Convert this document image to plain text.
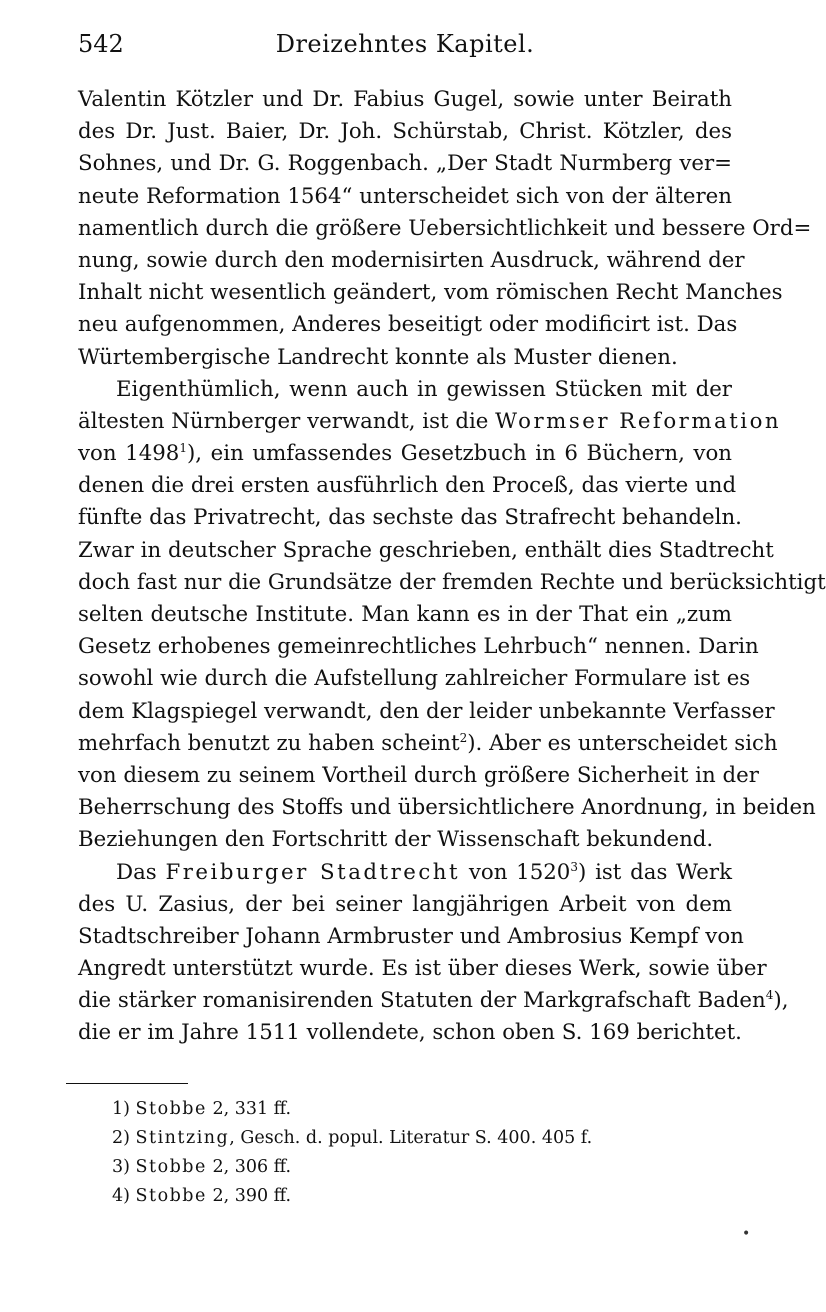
542	Dreizehntes Kapitel.
Valentin Kötzler und Dr. Fabius Gugel, sowie unter Beirath
des Dr. Just. Baier, Dr. Joh. Schürstab, Christ. Kötzler, des
Sohnes, und Dr. G. Roggenbach. „Der Stadt Nurmberg ver=
neute Reformation 1564“ unterscheidet sich von der älteren
namentlich durch die größere Uebersichtlichkeit und bessere Ord=
nung, sowie durch den modernisirten Ausdruck, während der
Inhalt nicht wesentlich geändert, vom römischen Recht Manches
neu aufgenommen, Anderes beseitigt oder modificirt ist. Das
Würtembergische Landrecht konnte als Muster dienen.
Eigenthümlich, wenn auch in gewissen Stücken mit der
ältesten Nürnberger verwandt, ist die Wormser Reformation
von 1498$^1$), ein umfassendes Gesetzbuch in 6 Büchern, von
denen die drei ersten ausführlich den Proceß, das vierte und
fünfte das Privatrecht, das sechste das Strafrecht behandeln.
Zwar in deutscher Sprache geschrieben, enthält dies Stadtrecht
doch fast nur die Grundsätze der fremden Rechte und berücksichtigt
selten deutsche Institute. Man kann es in der That ein „zum
Gesetz erhobenes gemeinrechtliches Lehrbuch“ nennen. Darin
sowohl wie durch die Aufstellung zahlreicher Formulare ist es
dem Klagspiegel verwandt, den der leider unbekannte Verfasser
mehrfach benutzt zu haben scheint$^2$). Aber es unterscheidet sich
von diesem zu seinem Vortheil durch größere Sicherheit in der
Beherrschung des Stoffs und übersichtlichere Anordnung, in beiden
Beziehungen den Fortschritt der Wissenschaft bekundend.
Das Freiburger Stadtrecht von 1520$^3$) ist das Werk
des U. Zasius, der bei seiner langjährigen Arbeit von dem
Stadtschreiber Johann Armbruster und Ambrosius Kempf von
Angredt unterstützt wurde. Es ist über dieses Werk, sowie über
die stärker romanisirenden Statuten der Markgrafschaft Baden$^4$),
die er im Jahre 1511 vollendete, schon oben S. 169 berichtet.
1) Stobbe 2, 331 ff.
2) Stintzing, Gesch. d. popul. Literatur S. 400. 405 f.
3) Stobbe 2, 306 ff.
4) Stobbe 2, 390 ff.
•
